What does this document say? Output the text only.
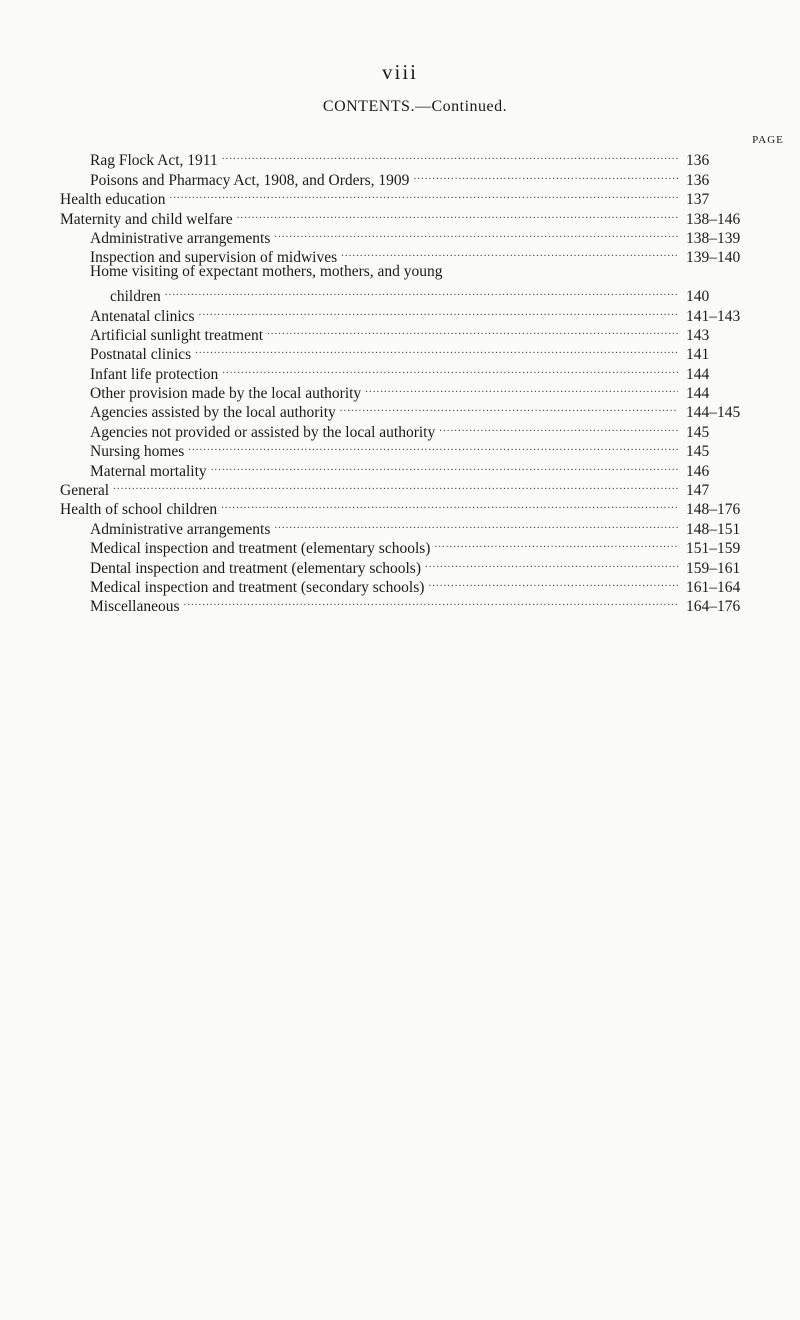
viii
CONTENTS.—Continued.
PAGE
Rag Flock Act, 1911 .....	136
Poisons and Pharmacy Act, 1908, and Orders, 1909 .....	136
Health education .....	137
Maternity and child welfare .....	138–146
Administrative arrangements .....	138–139
Inspection and supervision of midwives .....	139–140
Home visiting of expectant mothers, mothers, and young
children .....	140
Antenatal clinics .....	141–143
Artificial sunlight treatment .....	143
Postnatal clinics .....	141
Infant life protection .....	144
Other provision made by the local authority .....	144
Agencies assisted by the local authority .....	144–145
Agencies not provided or assisted by the local authority .....	145
Nursing homes .....	145
Maternal mortality .....	146
General .....	147
Health of school children .....	148–176
Administrative arrangements .....	148–151
Medical inspection and treatment (elementary schools) .....	151–159
Dental inspection and treatment (elementary schools) .....	159–161
Medical inspection and treatment (secondary schools) .....	161–164
Miscellaneous .....	164–176
